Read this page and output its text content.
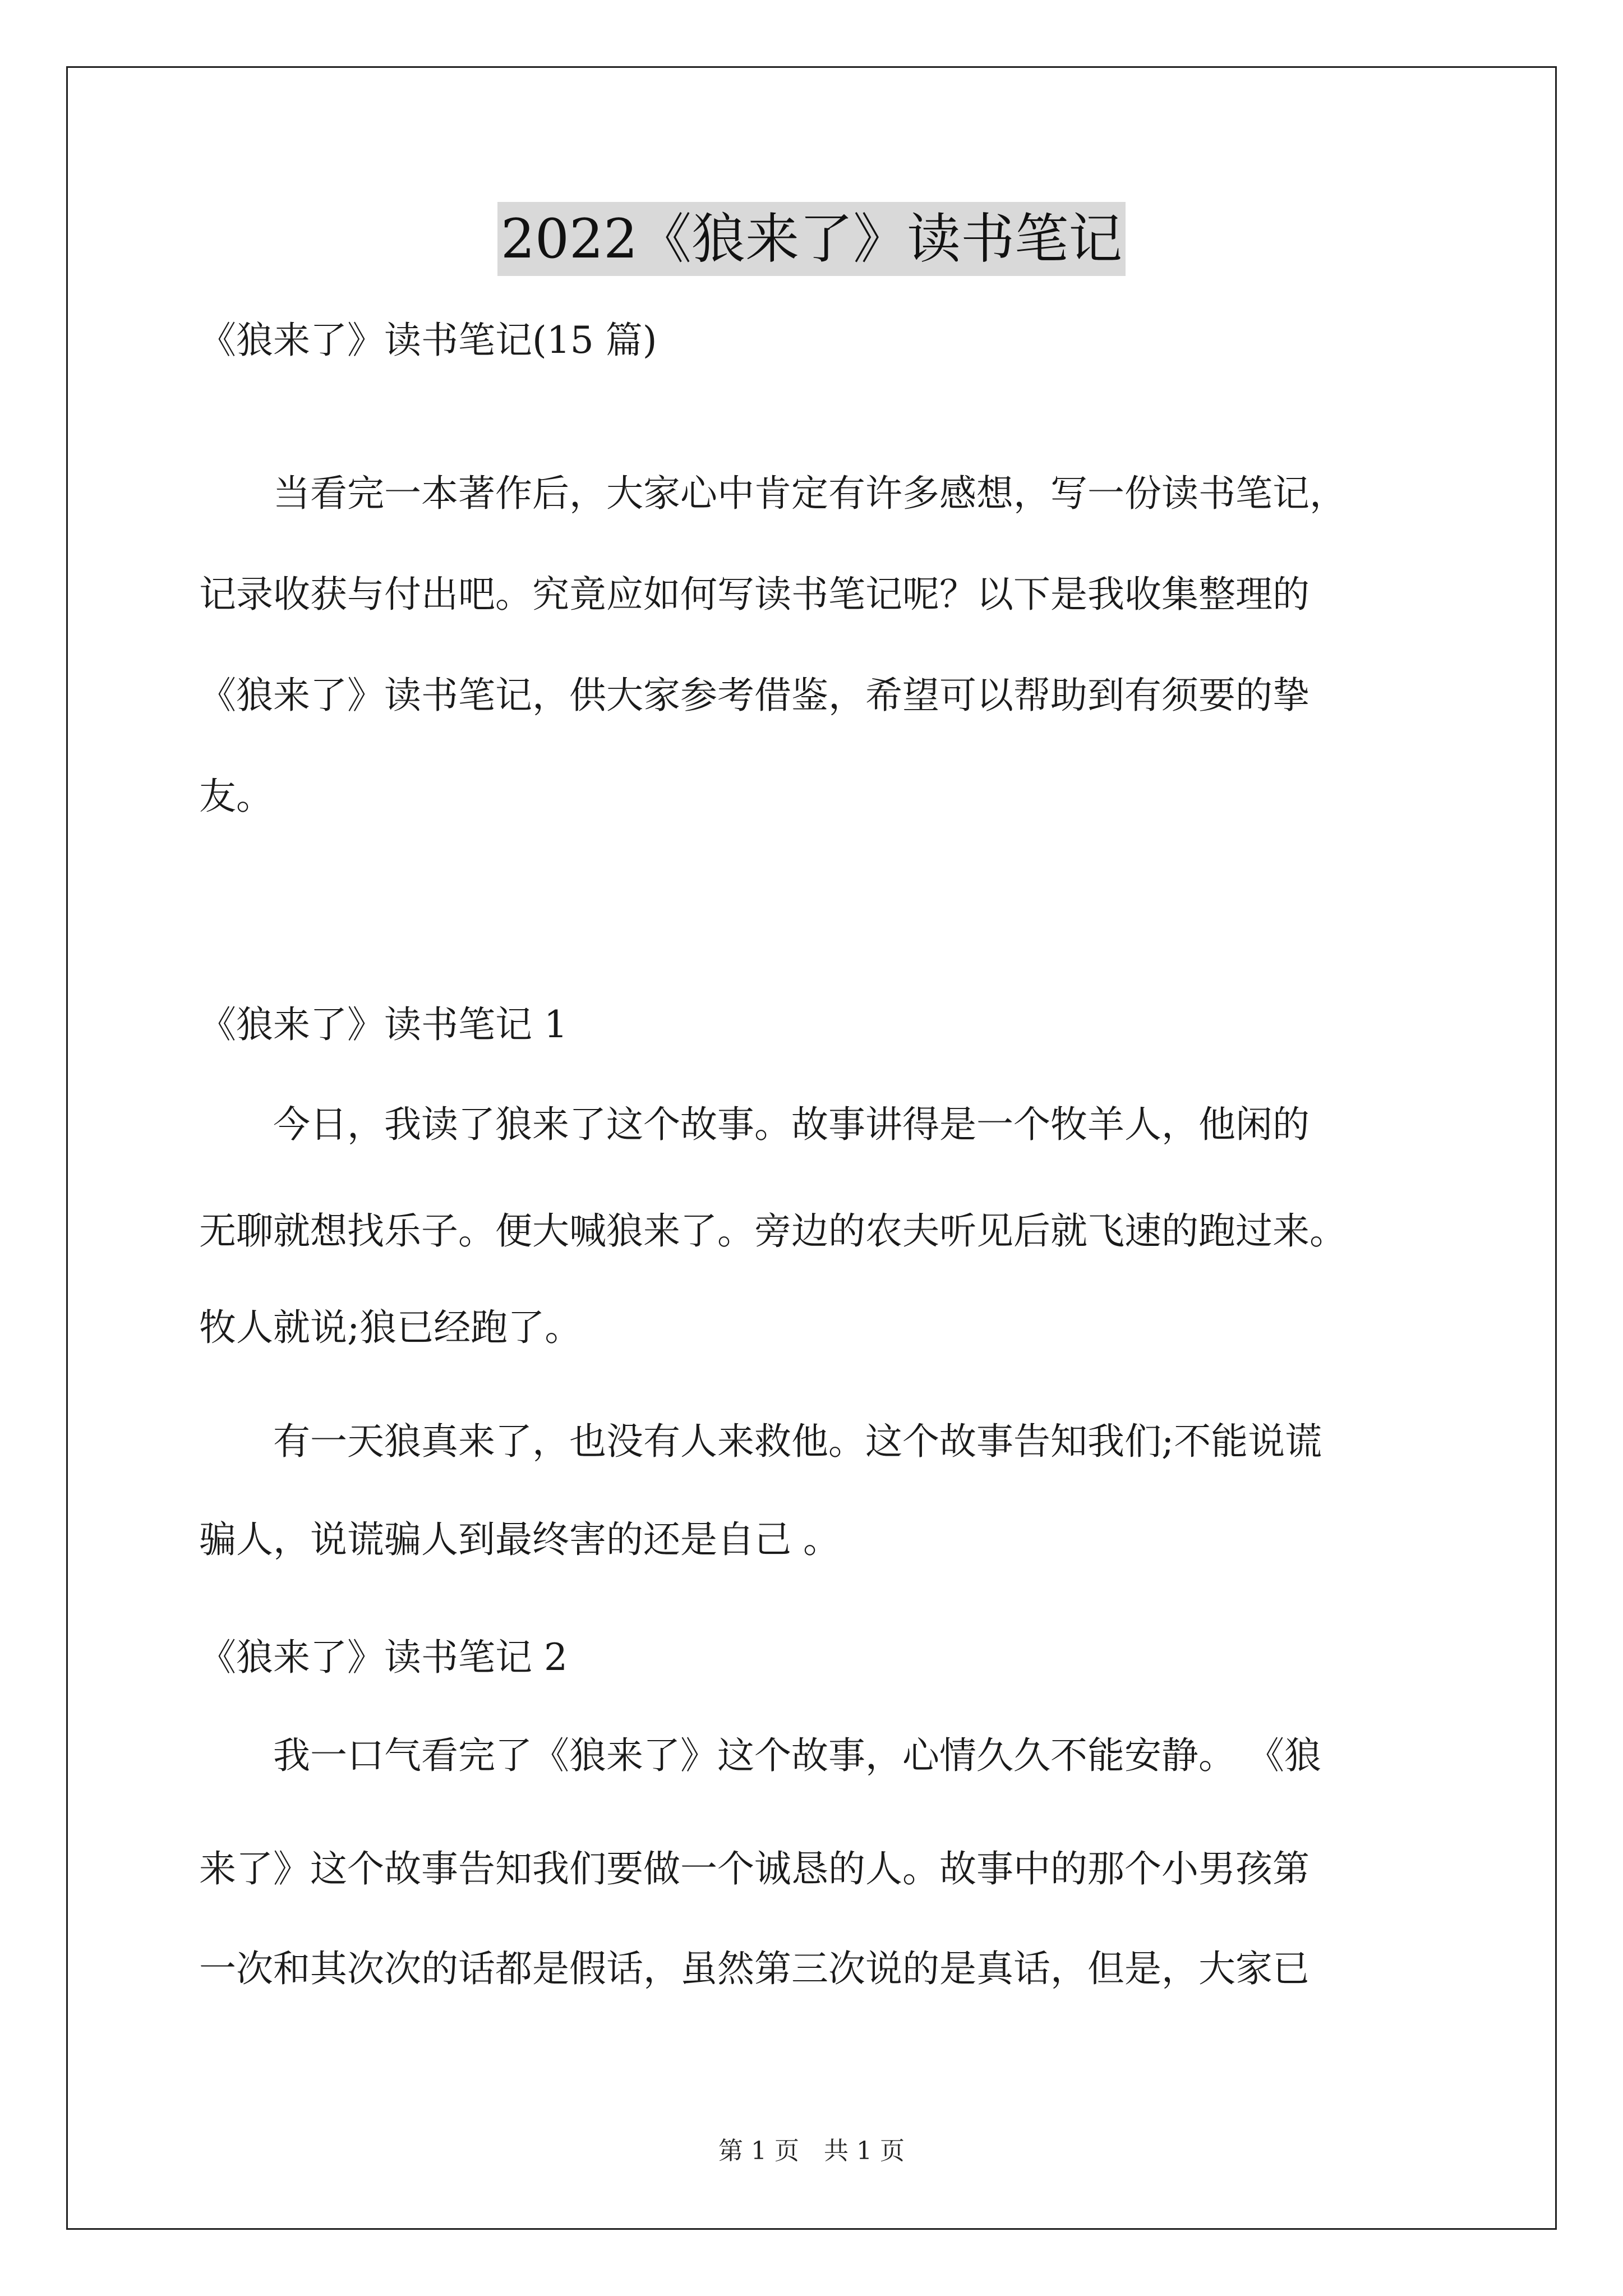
2022《狼来了》读书笔记
《狼来了》读书笔记(15 篇)
　　当看完一本著作后，大家心中肯定有许多感想，写一份读书笔记，
记录收获与付出吧。究竟应如何写读书笔记呢？以下是我收集整理的
《狼来了》读书笔记，供大家参考借鉴，希望可以帮助到有须要的挚
友。
《狼来了》读书笔记 1
　　今日，我读了狼来了这个故事。故事讲得是一个牧羊人，他闲的
无聊就想找乐子。便大喊狼来了。旁边的农夫听见后就飞速的跑过来。
牧人就说;狼已经跑了。
　　有一天狼真来了，也没有人来救他。这个故事告知我们;不能说谎
骗人，说谎骗人到最终害的还是自己 。
《狼来了》读书笔记 2
　　我一口气看完了《狼来了》这个故事，心情久久不能安静。 《狼
来了》这个故事告知我们要做一个诚恳的人。故事中的那个小男孩第
一次和其次次的话都是假话，虽然第三次说的是真话，但是，大家已
第 1 页　共 1 页
